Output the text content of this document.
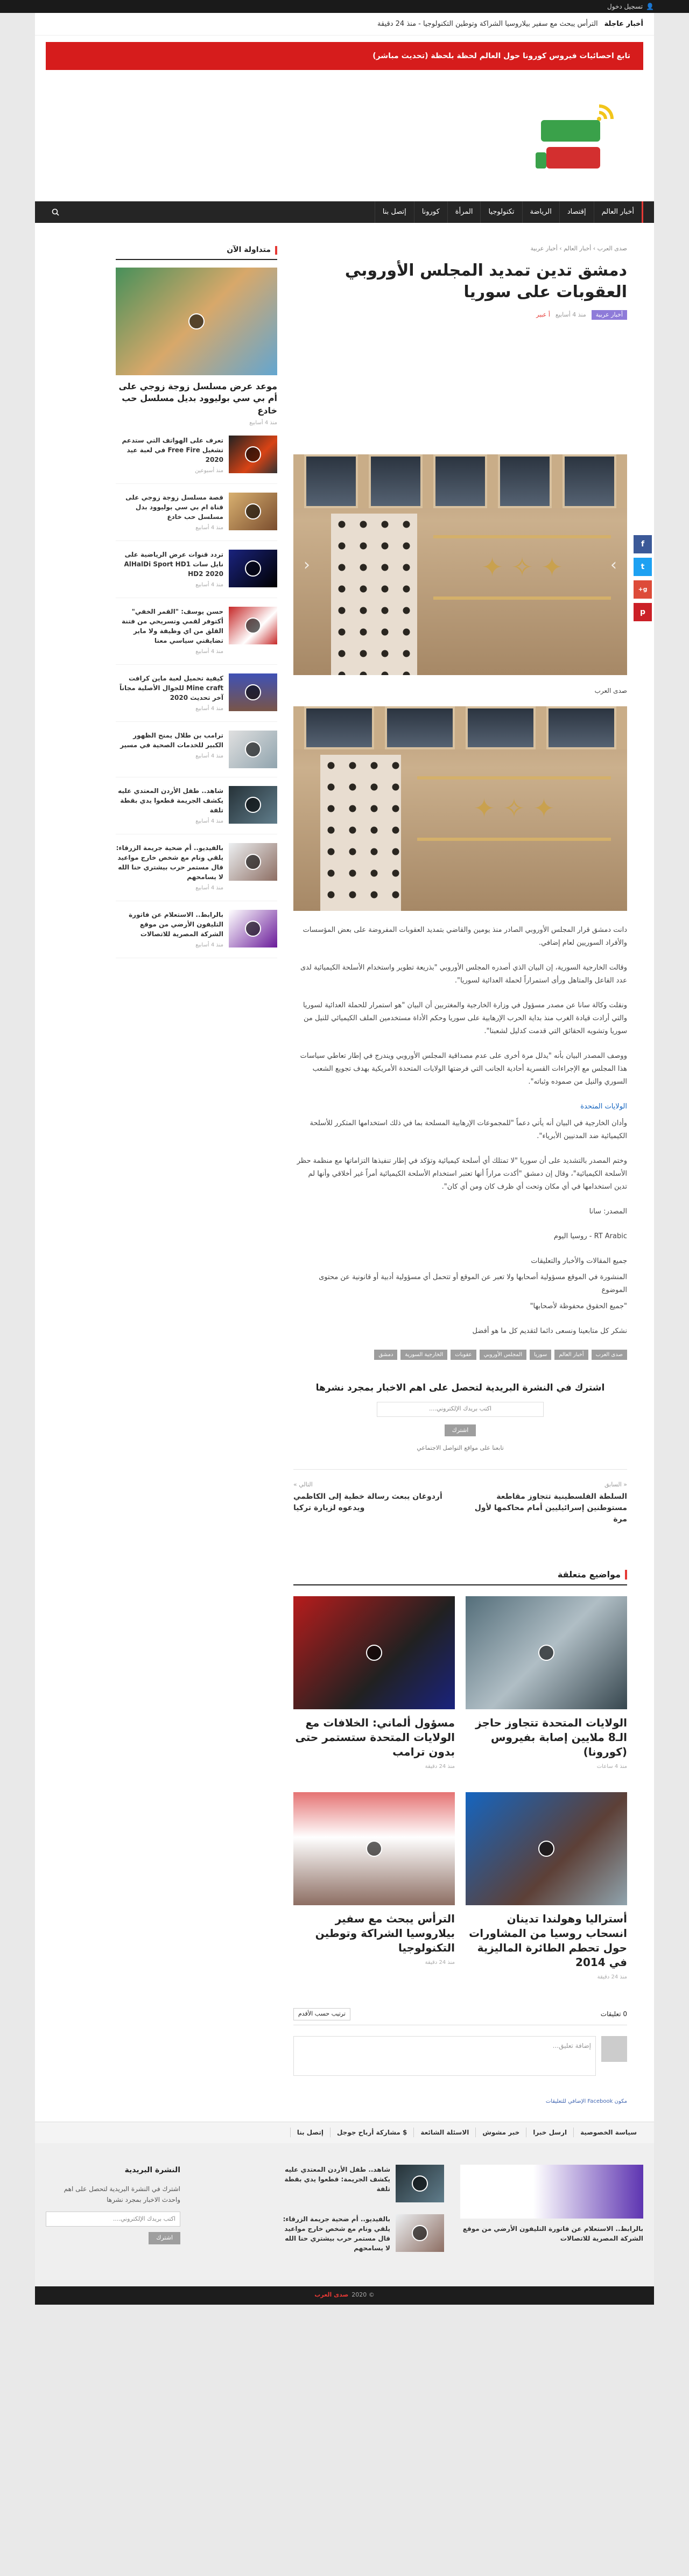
👤
تسجيل دخول
أخبار عاجلة
الترأس يبحث مع سفير بيلاروسيا الشراكة وتوطين التكنولوجيا - منذ 24 دقيقة
تابع احصائيات فيروس كورونا حول العالم لحظة بلحظة (تحديث مباشر)
أخبار العالم
إقتصاد
الرياضة
تكنولوجيا
المرأة
كورونا
إتصل بنا
صدى العرب › أخبار العالم › أخبار عربية
دمشق تدين تمديد المجلس الأوروبي العقوبات على سوريا
أخبار عربية
منذ 4 أسابيع
أ عبير
f
t
g+
p
✦ ✧ ✦
‹	›
صدى العرب
✦ ✧ ✦

دانت دمشق قرار المجلس الأوروبي الصادر منذ يومين والقاضي بتمديد العقوبات المفروضة على بعض المؤسسات والأفراد السوريين لعام إضافي.

وقالت الخارجية السورية، إن البيان الذي أصدره المجلس الأوروبي "بذريعة تطوير واستخدام الأسلحة الكيميائية لدى عدد الفاعل والمتاهل ورأى استمراراً لحملة العدائية لسوريا".

ونقلت وكالة سانا عن مصدر مسؤول في وزارة الخارجية والمغتربين أن البيان "هو استمرار للحملة العدائية لسوريا والتي أرادت قيادة الغرب منذ بداية الحرب الإرهابية على سوريا وحكم الأداة مستخدمين الملف الكيميائي للنيل من سوريا وتشويه الحقائق التي قدمت كدليل لشعبنا".

ووصف المصدر البيان بأنه "يدلل مرة أخرى على عدم مصداقية المجلس الأوروبي ويندرج في إطار تعاطي سياسات هذا المجلس مع الإجراءات القسرية أحادية الجانب التي فرضتها الولايات المتحدة الأمريكية بهدف تجويع الشعب السوري والنيل من صموده وثباته".

الولايات المتحدة

وأدان الخارجية في البيان أنه يأتي دعماً "للمجموعات الإرهابية المسلحة بما في ذلك استخدامها المتكرر للأسلحة الكيميائية ضد المدنيين الأبرياء".

وختم المصدر بالتشديد على أن سوريا "لا تمتلك أي أسلحة كيميائية وتؤكد في إطار تنفيذها التزاماتها مع منظمة حظر الأسلحة الكيميائية"، وقال إن دمشق "أكدت مراراً أنها تعتبر استخدام الأسلحة الكيميائية أمراً غير أخلاقي وأنها لم تدين استخدامها في أي مكان وتحت أي ظرف كان ومن أي كان".

المصدر: سانا

RT Arabic - روسيا اليوم

جميع المقالات والأخبار والتعليقات

المنشورة في الموقع مسؤولية أصحابها ولا تعبر عن الموقع أو تتحمل أي مسؤولية أدبية أو قانونية عن محتوى الموضوع

"جميع الحقوق محفوظة لأصحابها"

نشكر كل متابعينا ونسعى دائما لتقديم كل ما هو أفضل

صدى العرب
أخبار العالم
سوريا
المجلس الأوروبي
عقوبات
الخارجية السورية
دمشق
اشترك في النشرة البريدية لتحصل على اهم الاخبار بمجرد نشرها
اكتب بريدك الإلكتروني....
اشترك
تابعنا على مواقع التواصل الاجتماعي
« السابق
السلطة الفلسطينية تتجاوز مقاطعة مستوطنين إسرائيليين أمام محاكمها لأول مرة
التالي »
أردوغان يبعث رسالة خطية إلى الكاظمي ويدعوه لزيارة تركيا
متداولة الآن
موعد عرض مسلسل زوجة زوجي على أم بي سي بوليوود بديل مسلسل حب خادع
منذ 4 أسابيع
تعرف على الهواتف التي ستدعم تشغيل Free Fire في لعبة عيد 2020
منذ أسبوعين
قصة مسلسل زوجة زوجي على قناة ام بي سي بوليوود بدل مسلسل حب خادع
منذ 4 أسابيع
تردد قنوات عرض الرياضية على نايل سات AlHalDi Sport HD1 HD2 2020
منذ 4 أسابيع
حسن يوسف: "القمر الخفي" أكتوفر لقمي وتسريحي من فتنة القلق من اي وظيفة ولا ماير تضايقني سياسي معنا
منذ 4 أسابيع
كيفية تحميل لعبة ماين كرافت Mine craft للجوال الأصلية مجاناً آخر تحديث 2020
منذ 4 أسابيع
ترامب بن طلال يمنح الظهور الكبير للخدمات الصحية في مسير
منذ 4 أسابيع
شاهد.. طفل الأردن المعتدي عليه يكشف الجريمة قطعوا يدي بقطة تلفة
منذ 4 أسابيع
بالفيديو.. أم ضحية جريمة الزرقاء: يلقي ونام مع شخص خارج مواعيد قال مستمر حرب بيشتري حنا الله لا يسامحهم
منذ 4 أسابيع
بالرابط.. الاستعلام عن فاتورة التليفون الأرضي من موقع الشركة المصرية للاتصالات
منذ 4 أسابيع
مواضيع متعلقة
الولايات المتحدة تتجاوز حاجز الـ8 ملايين إصابة بفيروس (كورونا)
منذ 4 ساعات
مسؤول ألماني: الخلافات مع الولايات المتحدة ستستمر حتى بدون ترامب
منذ 24 دقيقة
أستراليا وهولندا تدينان انسحاب روسيا من المشاورات حول تحطم الطائرة الماليزية في 2014
منذ 24 دقيقة
الترأس يبحث مع سفير بيلاروسيا الشراكة وتوطين التكنولوجيا
منذ 24 دقيقة
0 تعليقات
ترتيب حسب الأقدم
إضافة تعليق...
مكون Facebook الإضافي للتعليقات
سياسة الخصوصية
ارسل خبرا
خبر مشوش
الاسئلة الشائعة
$ مشاركة أرباح جوجل
إتصل بنا
بالرابط.. الاستعلام عن فاتورة التليفون الأرضي من موقع الشركة المصرية للاتصالات
شاهد.. طفل الأردن المعتدي عليه يكشف الجريمة: قطعوا يدي بقطة تلفة
بالفيديو.. أم ضحية جريمة الزرقاء: يلقي ونام مع شخص خارج مواعيد قال مستمر حرب بيشتري حنا الله لا يسامحهم
النشرة البريدية
اشترك في النشرة البريدية لتحصل على اهم واحدث الاخبار بمجرد نشرها
اكتب بريدك الإلكتروني....
اشترك
© 2020
صدى العرب
